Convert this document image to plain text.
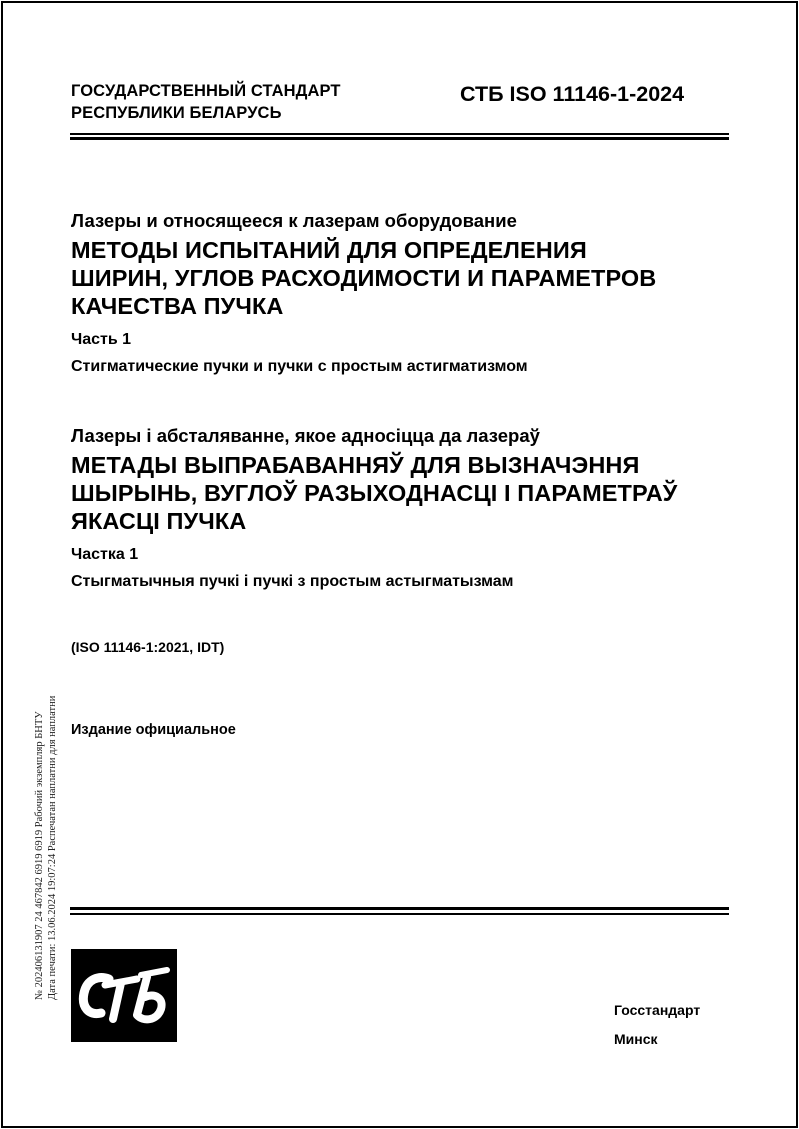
ГОСУДАРСТВЕННЫЙ СТАНДАРТ
РЕСПУБЛИКИ БЕЛАРУСЬ
СТБ ISO 11146-1-2024
Лазеры и относящееся к лазерам оборудование
МЕТОДЫ ИСПЫТАНИЙ ДЛЯ ОПРЕДЕЛЕНИЯ
ШИРИН, УГЛОВ РАСХОДИМОСТИ И ПАРАМЕТРОВ
КАЧЕСТВА ПУЧКА
Часть 1
Стигматические пучки и пучки с простым астигматизмом
Лазеры і абсталяванне, якое адносіцца да лазераў
МЕТАДЫ ВЫПРАБАВАННЯЎ ДЛЯ ВЫЗНАЧЭННЯ
ШЫРЫНЬ, ВУГЛОЎ РАЗЫХОДНАСЦІ І ПАРАМЕТРАЎ
ЯКАСЦІ ПУЧКА
Частка 1
Стыгматычныя пучкі і пучкі з простым астыгматызмам
(ISO 11146-1:2021, IDT)
Издание официальное
№ 202406131907 24 467842 6919 6919 Рабочий экземпляр БНТУ Дата печати: 13.06.2024 19:07:24 Распечатан наплатни для наплатни
Госстандарт
Минск
